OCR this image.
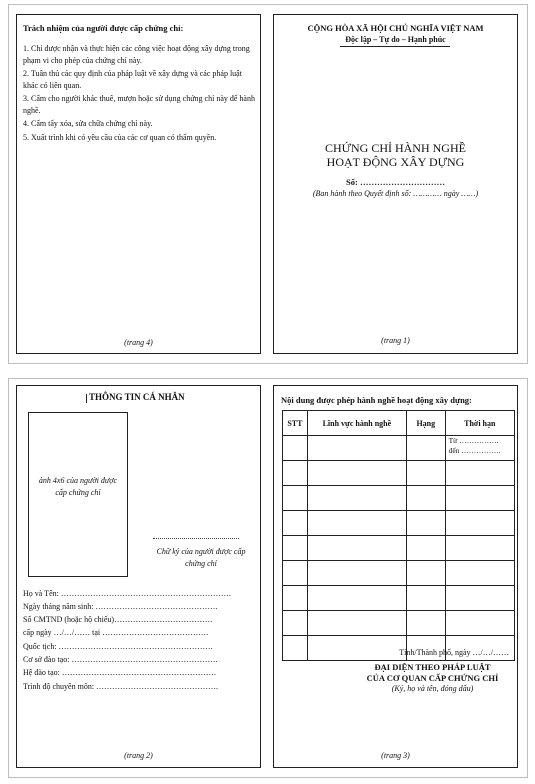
Trách nhiệm của người được cấp chứng chỉ:
1. Chỉ được nhận và thực hiện các công việc hoạt động xây dựng trong phạm vi cho phép của chứng chỉ này.
2. Tuân thủ các quy định của pháp luật về xây dựng và các pháp luật khác có liên quan.
3. Cấm cho người khác thuê, mượn hoặc sử dụng chứng chỉ này để hành nghề.
4. Cấm tẩy xóa, sửa chữa chứng chỉ này.
5. Xuất trình khi có yêu cầu của các cơ quan có thẩm quyền.
(trang 4)
CỘNG HÒA XÃ HỘI CHỦ NGHĨA VIỆT NAM
Độc lập – Tự do – Hạnh phúc
CHỨNG CHỈ HÀNH NGHỀ
HOẠT ĐỘNG XÂY DỰNG
Số: …………………………
(Ban hành theo Quyết định số: ………… ngày ……)
(trang 1)
THÔNG TIN CÁ NHÂN
ảnh 4x6 của người được cấp chứng chỉ
Chữ ký của người được cấp chứng chỉ
Họ và Tên: ……………………………………………………….
Ngày tháng năm sinh: ……………………………………….
Số CMTND (hoặc hộ chiếu)……………………………….
cấp ngày …/…/…… tại ………………………………….
Quốc tịch: ………………………………………………….
Cơ sở đào tạo: ……………………………………………….
Hệ đào tạo: ………………………………………………….
Trình độ chuyên môn: ……………………………………….
(trang 2)
Nội dung được phép hành nghề hoạt động xây dựng:
STT	Lĩnh vực hành nghề	Hạng	Thời hạn

			Từ …………….
đến …………….

Tỉnh/Thành phố, ngày …/…/……
ĐẠI DIỆN THEO PHÁP LUẬT
CỦA CƠ QUAN CẤP CHỨNG CHỈ
(Ký, họ và tên, đóng dấu)
(trang 3)
